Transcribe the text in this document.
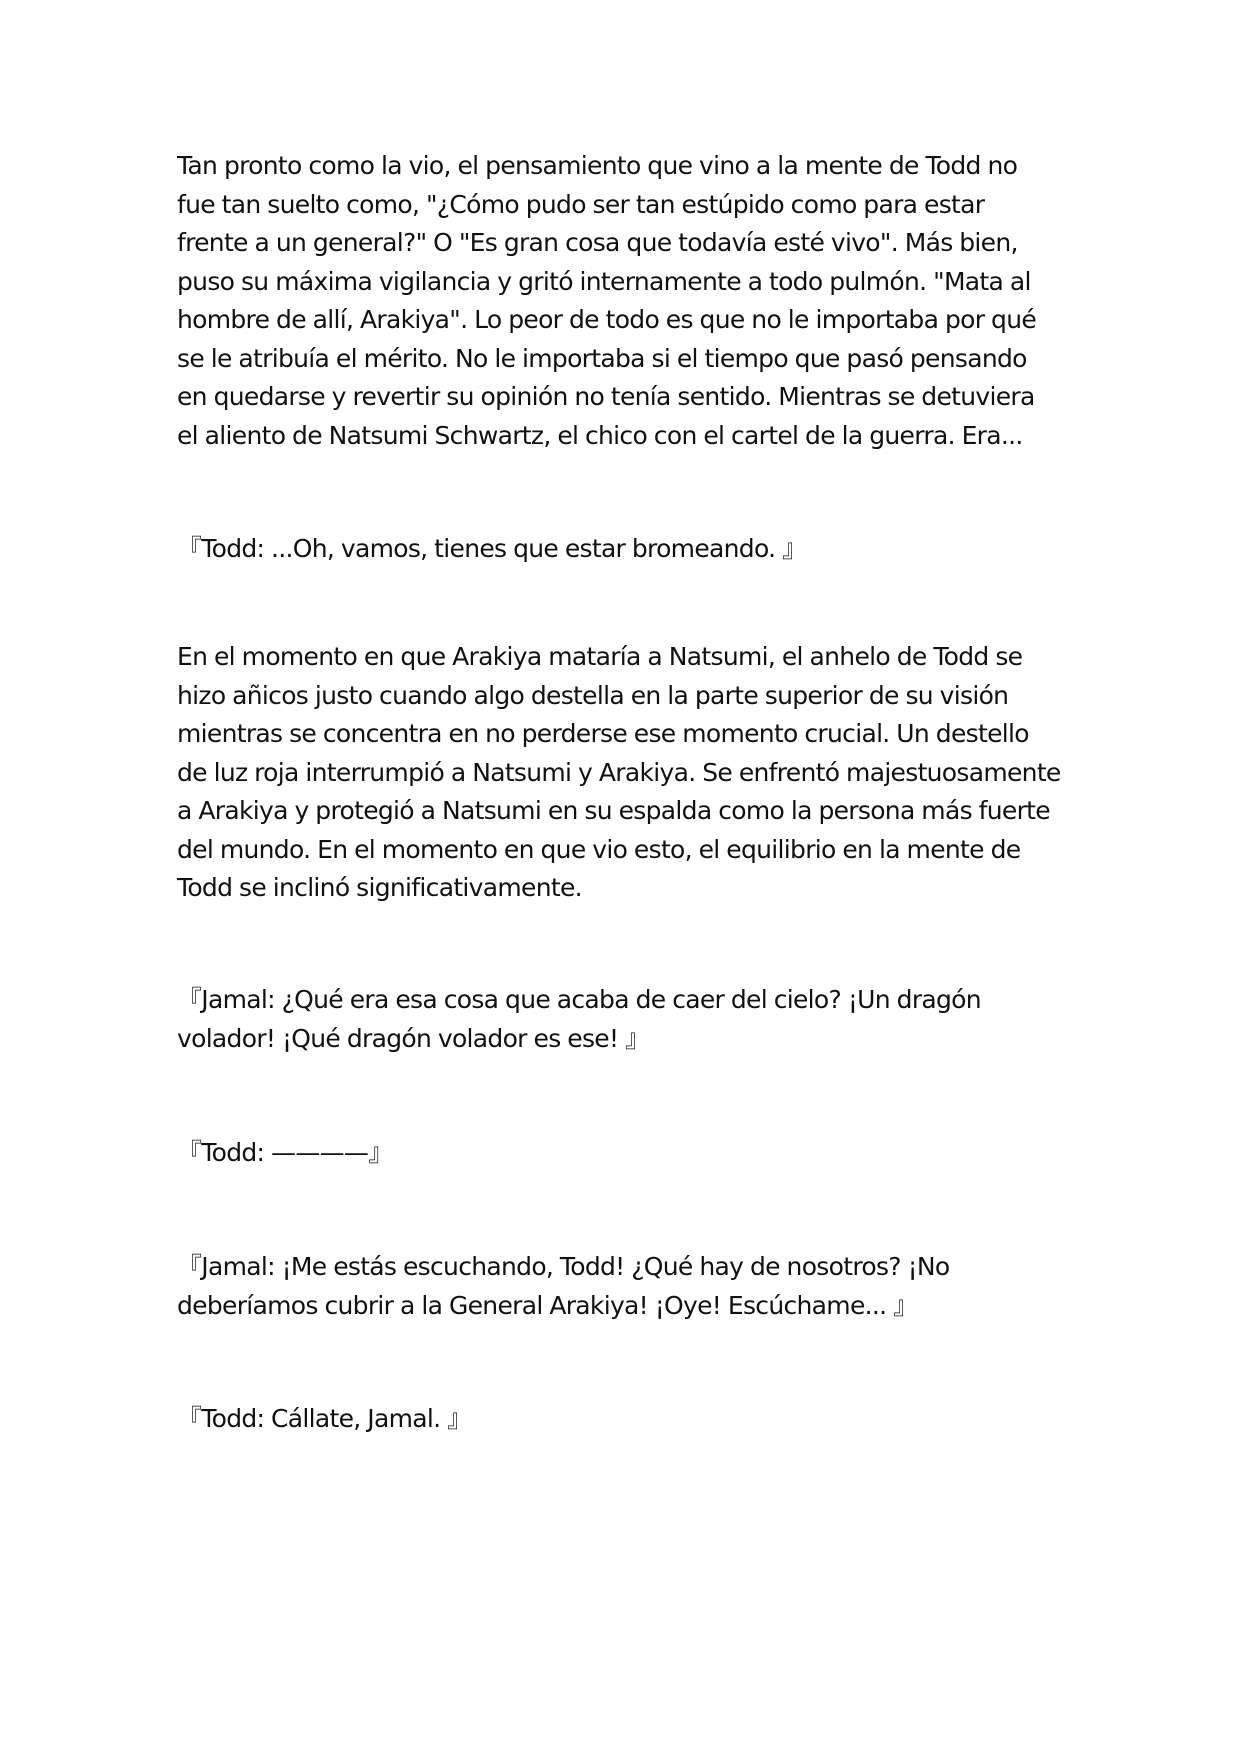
Tan pronto como la vio, el pensamiento que vino a la mente de Todd no
fue tan suelto como, "¿Cómo pudo ser tan estúpido como para estar
frente a un general?" O "Es gran cosa que todavía esté vivo". Más bien,
puso su máxima vigilancia y gritó internamente a todo pulmón. "Mata al
hombre de allí, Arakiya". Lo peor de todo es que no le importaba por qué
se le atribuía el mérito. No le importaba si el tiempo que pasó pensando
en quedarse y revertir su opinión no tenía sentido. Mientras se detuviera
el aliento de Natsumi Schwartz, el chico con el cartel de la guerra. Era...

『Todd: ...Oh, vamos, tienes que estar bromeando. 』

En el momento en que Arakiya mataría a Natsumi, el anhelo de Todd se
hizo añicos justo cuando algo destella en la parte superior de su visión
mientras se concentra en no perderse ese momento crucial. Un destello
de luz roja interrumpió a Natsumi y Arakiya. Se enfrentó majestuosamente
a Arakiya y protegió a Natsumi en su espalda como la persona más fuerte
del mundo. En el momento en que vio esto, el equilibrio en la mente de
Todd se inclinó significativamente.

『Jamal: ¿Qué era esa cosa que acaba de caer del cielo? ¡Un dragón
volador! ¡Qué dragón volador es ese! 』

『Todd: ————』

『Jamal: ¡Me estás escuchando, Todd! ¿Qué hay de nosotros? ¡No
deberíamos cubrir a la General Arakiya! ¡Oye! Escúchame... 』

『Todd: Cállate, Jamal. 』
